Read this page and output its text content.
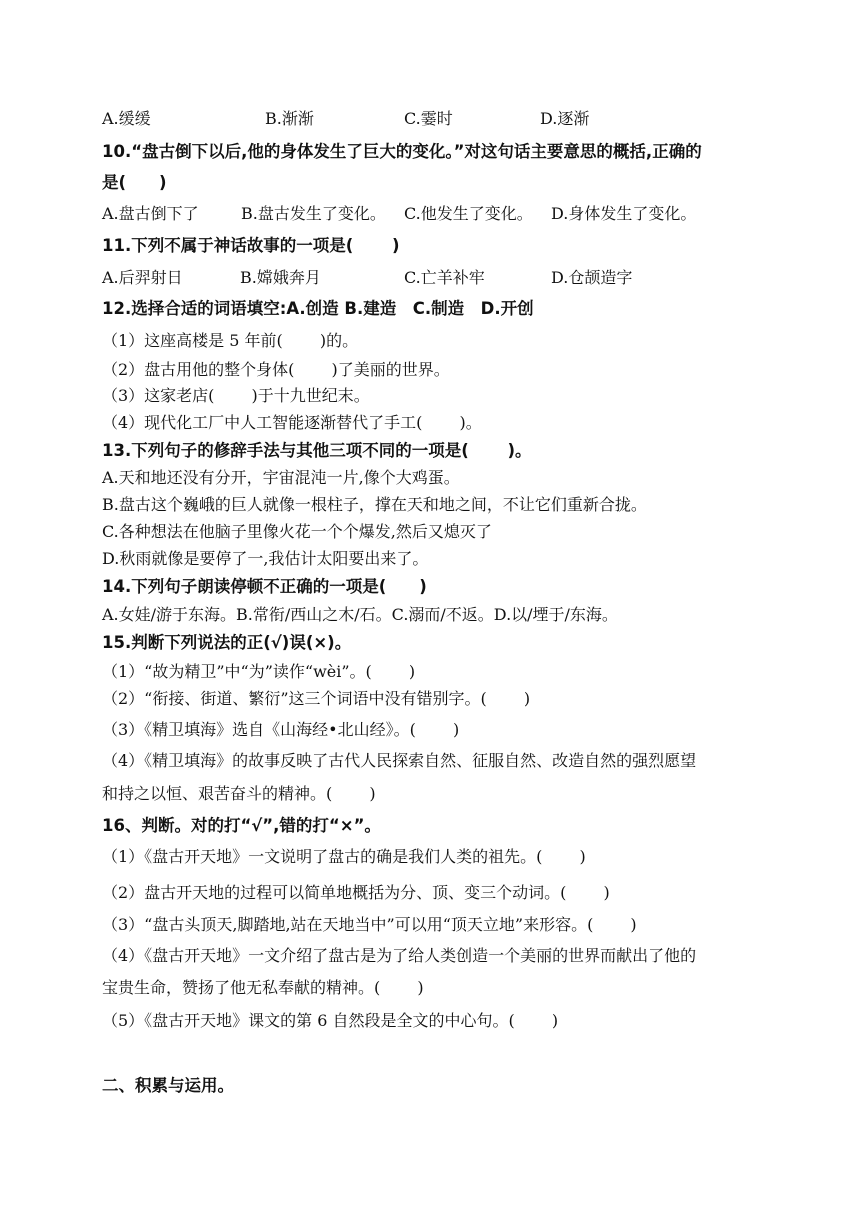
A.缓缓	B.渐渐	C.霎时	D.逐渐
10.“盘古倒下以后,他的身体发生了巨大的变化。”对这句话主要意思的概括,正确的
是(　　)
A.盘古倒下了	B.盘古发生了变化。 C.他发生了变化。 D.身体发生了变化。
11.下列不属于神话故事的一项是(　　 )
A.后羿射日	B.嫦娥奔月	C.亡羊补牢	D.仓颉造字
12.选择合适的词语填空:A.创造 B.建造　C.制造　D.开创
（1）这座高楼是 5 年前(　　 )的。
（2）盘古用他的整个身体(　　 )了美丽的世界。
（3）这家老店(　　 )于十九世纪末。
（4）现代化工厂中人工智能逐渐替代了手工(　　 )。
13.下列句子的修辞手法与其他三项不同的一项是(　　 )。
A.天和地还没有分开，宇宙混沌一片,像个大鸡蛋。
B.盘古这个巍峨的巨人就像一根柱子，撑在天和地之间，不让它们重新合拢。
C.各种想法在他脑子里像火花一个个爆发,然后又熄灭了
D.秋雨就像是要停了一,我估计太阳要出来了。
14.下列句子朗读停顿不正确的一项是(　　)
A.女娃/游于东海。B.常衔/西山之木/石。C.溺而/不返。D.以/堙于/东海。
15.判断下列说法的正(√)误(×)。
（1）“故为精卫”中“为”读作“wèi”。(　　 )
（2）“衔接、街道、繁衍”这三个词语中没有错别字。(　　 )
（3）《精卫填海》选自《山海经•北山经》。(　　 )
（4）《精卫填海》的故事反映了古代人民探索自然、征服自然、改造自然的强烈愿望
和持之以恒、艰苦奋斗的精神。(　　 )
16、判断。对的打“√”,错的打“×”。
（1）《盘古开天地》一文说明了盘古的确是我们人类的祖先。(　　 )
（2）盘古开天地的过程可以简单地概括为分、顶、变三个动词。(　　 )
（3）“盘古头顶天,脚踏地,站在天地当中”可以用“顶天立地”来形容。(　　 )
（4）《盘古开天地》一文介绍了盘古是为了给人类创造一个美丽的世界而献出了他的
宝贵生命，赞扬了他无私奉献的精神。(　　 )
（5）《盘古开天地》课文的第 6 自然段是全文的中心句。(　　 )
二、积累与运用。
